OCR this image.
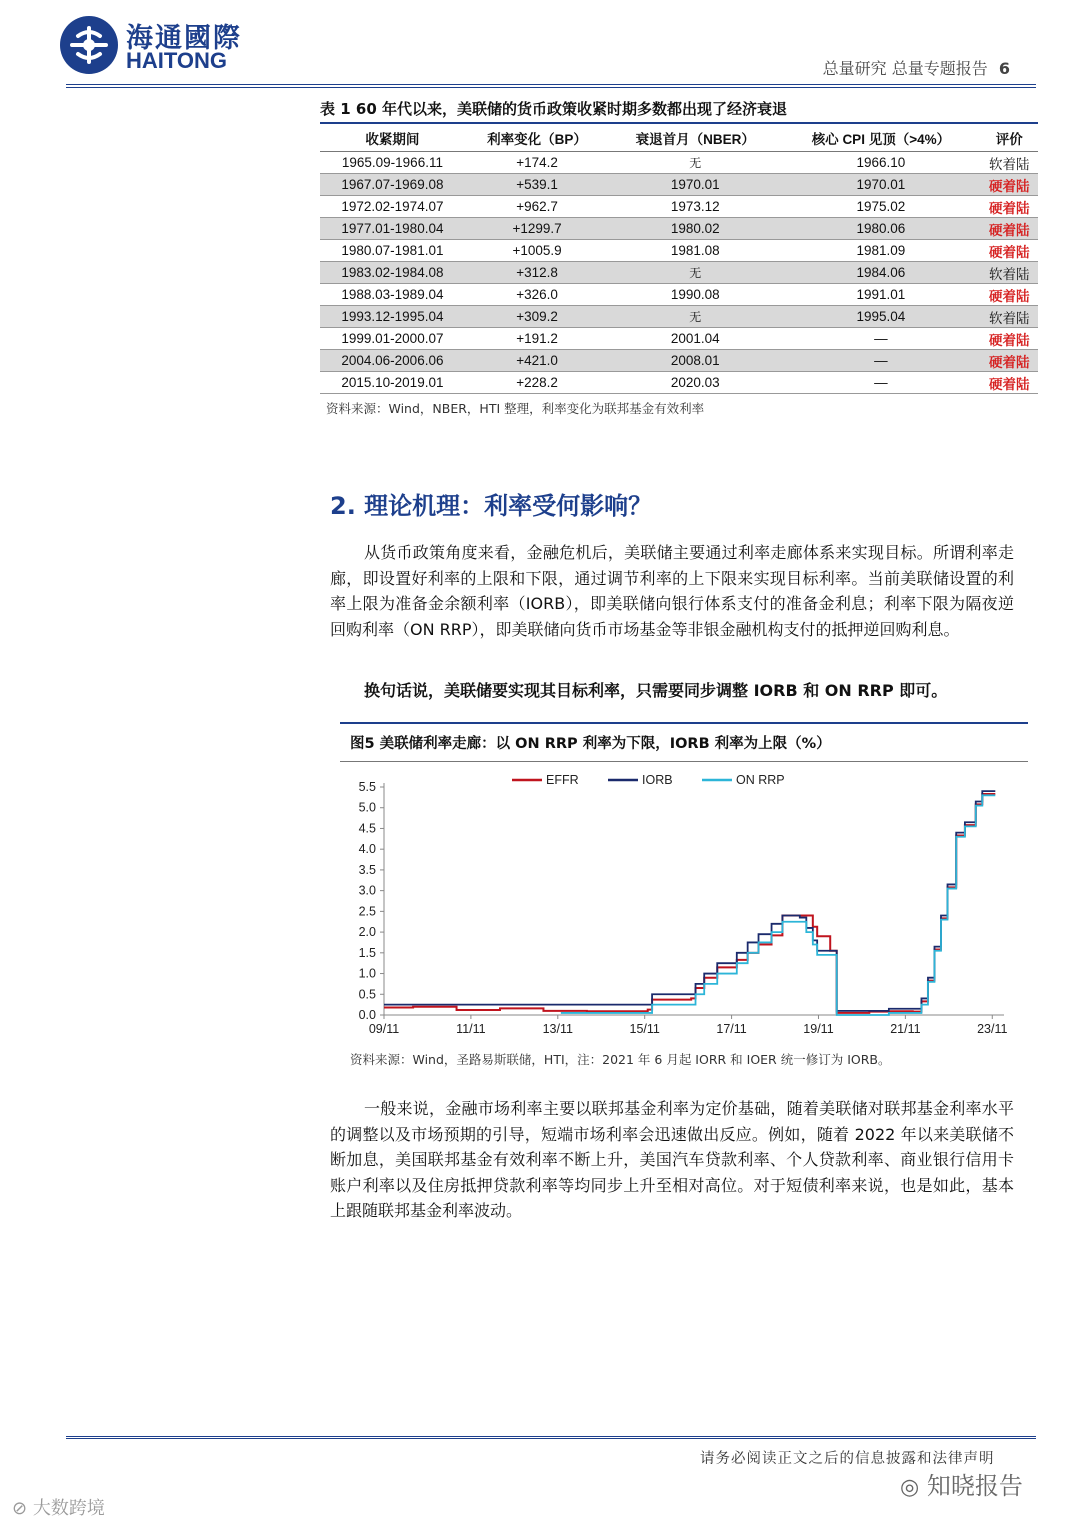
海通國際
HAITONG	总量研究 总量专题报告 6
表 1 60 年代以来，美联储的货币政策收紧时期多数都出现了经济衰退
收紧期间	利率变化（BP）	衰退首月（NBER）	核心 CPI 见顶（>4%）	评价
1965.09-1966.11	+174.2	无	1966.10	软着陆
1967.07-1969.08	+539.1	1970.01	1970.01	硬着陆
1972.02-1974.07	+962.7	1973.12	1975.02	硬着陆
1977.01-1980.04	+1299.7	1980.02	1980.06	硬着陆
1980.07-1981.01	+1005.9	1981.08	1981.09	硬着陆
1983.02-1984.08	+312.8	无	1984.06	软着陆
1988.03-1989.04	+326.0	1990.08	1991.01	硬着陆
1993.12-1995.04	+309.2	无	1995.04	软着陆
1999.01-2000.07	+191.2	2001.04	—	硬着陆
2004.06-2006.06	+421.0	2008.01	—	硬着陆
2015.10-2019.01	+228.2	2020.03	—	硬着陆
资料来源：Wind，NBER，HTI 整理，利率变化为联邦基金有效利率
2. 理论机理：利率受何影响？
从货币政策角度来看，金融危机后，美联储主要通过利率走廊体系来实现目标。所谓利率走廊，即设置好利率的上限和下限，通过调节利率的上下限来实现目标利率。当前美联储设置的利率上限为准备金余额利率（IORB），即美联储向银行体系支付的准备金利息；利率下限为隔夜逆回购利率（ON RRP），即美联储向货币市场基金等非银金融机构支付的抵押逆回购利息。
换句话说，美联储要实现其目标利率，只需要同步调整 IORB 和 ON RRP 即可。
图5 美联储利率走廊：以 ON RRP 利率为下限，IORB 利率为上限（%）
0.0
0.5
1.0
1.5
2.0
2.5
3.0
3.5
4.0
4.5
5.0
5.5
09/11	11/11	13/11	15/11	17/11	19/11	21/11	23/11
EFFR	IORB	ON RRP
资料来源：Wind，圣路易斯联储，HTI，注：2021 年 6 月起 IORR 和 IOER 统一修订为 IORB。
一般来说，金融市场利率主要以联邦基金利率为定价基础，随着美联储对联邦基金利率水平的调整以及市场预期的引导，短端市场利率会迅速做出反应。例如，随着 2022 年以来美联储不断加息，美国联邦基金有效利率不断上升，美国汽车贷款利率、个人贷款利率、商业银行信用卡账户利率以及住房抵押贷款利率等均同步上升至相对高位。对于短债利率来说，也是如此，基本上跟随联邦基金利率波动。
请务必阅读正文之后的信息披露和法律声明
◎ 知晓报告
⊘ 大数跨境
